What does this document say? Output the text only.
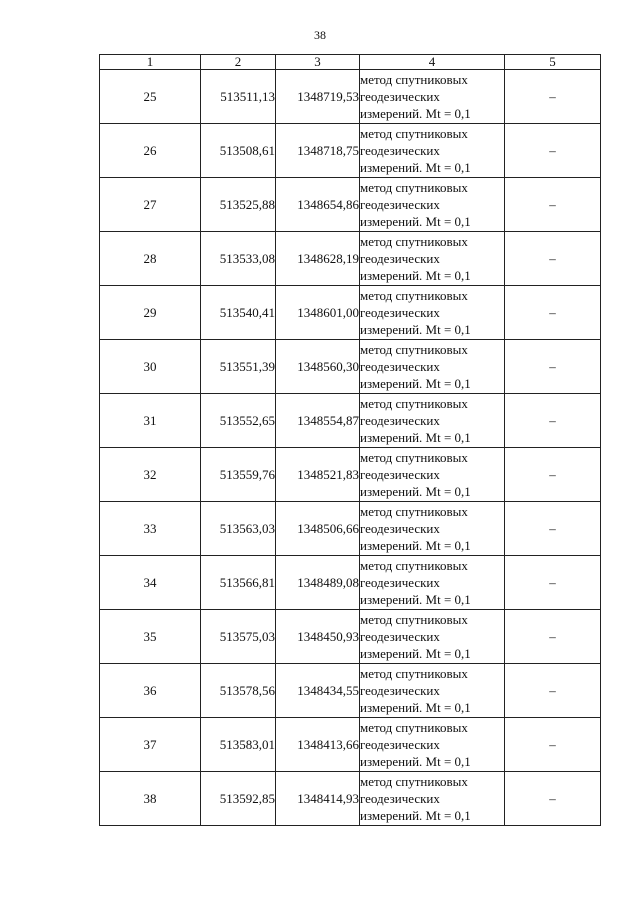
38
1	2	3	4	5
25	513511,13	1348719,53	метод спутниковых
геодезических
измерений. Mt = 0,1	–
26	513508,61	1348718,75	метод спутниковых
геодезических
измерений. Mt = 0,1	–
27	513525,88	1348654,86	метод спутниковых
геодезических
измерений. Mt = 0,1	–
28	513533,08	1348628,19	метод спутниковых
геодезических
измерений. Mt = 0,1	–
29	513540,41	1348601,00	метод спутниковых
геодезических
измерений. Mt = 0,1	–
30	513551,39	1348560,30	метод спутниковых
геодезических
измерений. Mt = 0,1	–
31	513552,65	1348554,87	метод спутниковых
геодезических
измерений. Mt = 0,1	–
32	513559,76	1348521,83	метод спутниковых
геодезических
измерений. Mt = 0,1	–
33	513563,03	1348506,66	метод спутниковых
геодезических
измерений. Mt = 0,1	–
34	513566,81	1348489,08	метод спутниковых
геодезических
измерений. Mt = 0,1	–
35	513575,03	1348450,93	метод спутниковых
геодезических
измерений. Mt = 0,1	–
36	513578,56	1348434,55	метод спутниковых
геодезических
измерений. Mt = 0,1	–
37	513583,01	1348413,66	метод спутниковых
геодезических
измерений. Mt = 0,1	–
38	513592,85	1348414,93	метод спутниковых
геодезических
измерений. Mt = 0,1	–
